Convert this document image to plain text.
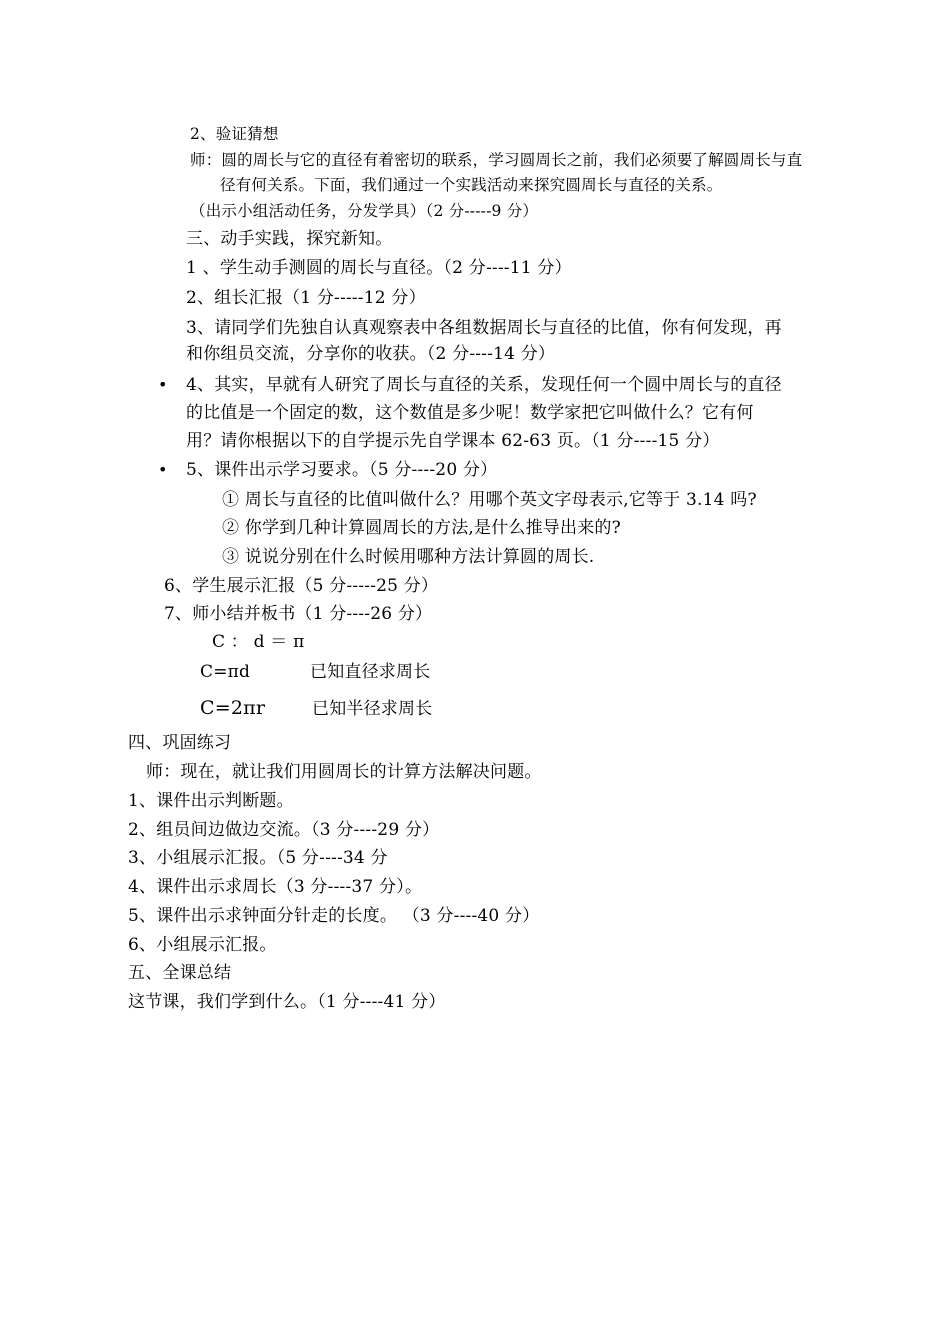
2、验证猜想
师：圆的周长与它的直径有着密切的联系，学习圆周长之前，我们必须要了解圆周长与直
径有何关系。下面，我们通过一个实践活动来探究圆周长与直径的关系。
（出示小组活动任务，分发学具）（2 分-----9 分）
三、动手实践，探究新知。
1 、学生动手测圆的周长与直径。（2 分----11 分）
2、组长汇报（1 分-----12 分）
3、请同学们先独自认真观察表中各组数据周长与直径的比值，你有何发现，再
和你组员交流，分享你的收获。（2 分----14 分）
• 4、其实，早就有人研究了周长与直径的关系，发现任何一个圆中周长与的直径
的比值是一个固定的数，这个数值是多少呢！数学家把它叫做什么？它有何
用？请你根据以下的自学提示先自学课本 62-63 页。（1 分----15 分）
• 5、课件出示学习要求。（5 分----20 分）
① 周长与直径的比值叫做什么？用哪个英文字母表示,它等于 3.14 吗?
② 你学到几种计算圆周长的方法,是什么推导出来的?
③ 说说分别在什么时候用哪种方法计算圆的周长.
6、学生展示汇报（5 分-----25 分）
7、师小结并板书（1 分----26 分）
C ： d ＝ π
C=πd	已知直径求周长
C=2πr	已知半径求周长
四、巩固练习
师：现在，就让我们用圆周长的计算方法解决问题。
1、课件出示判断题。
2、组员间边做边交流。（3 分----29 分）
3、小组展示汇报。（5 分----34 分
4、课件出示求周长（3 分----37 分）。
5、课件出示求钟面分针走的长度。 （3 分----40 分）
6、小组展示汇报。
五、全课总结
这节课，我们学到什么。（1 分----41 分）
